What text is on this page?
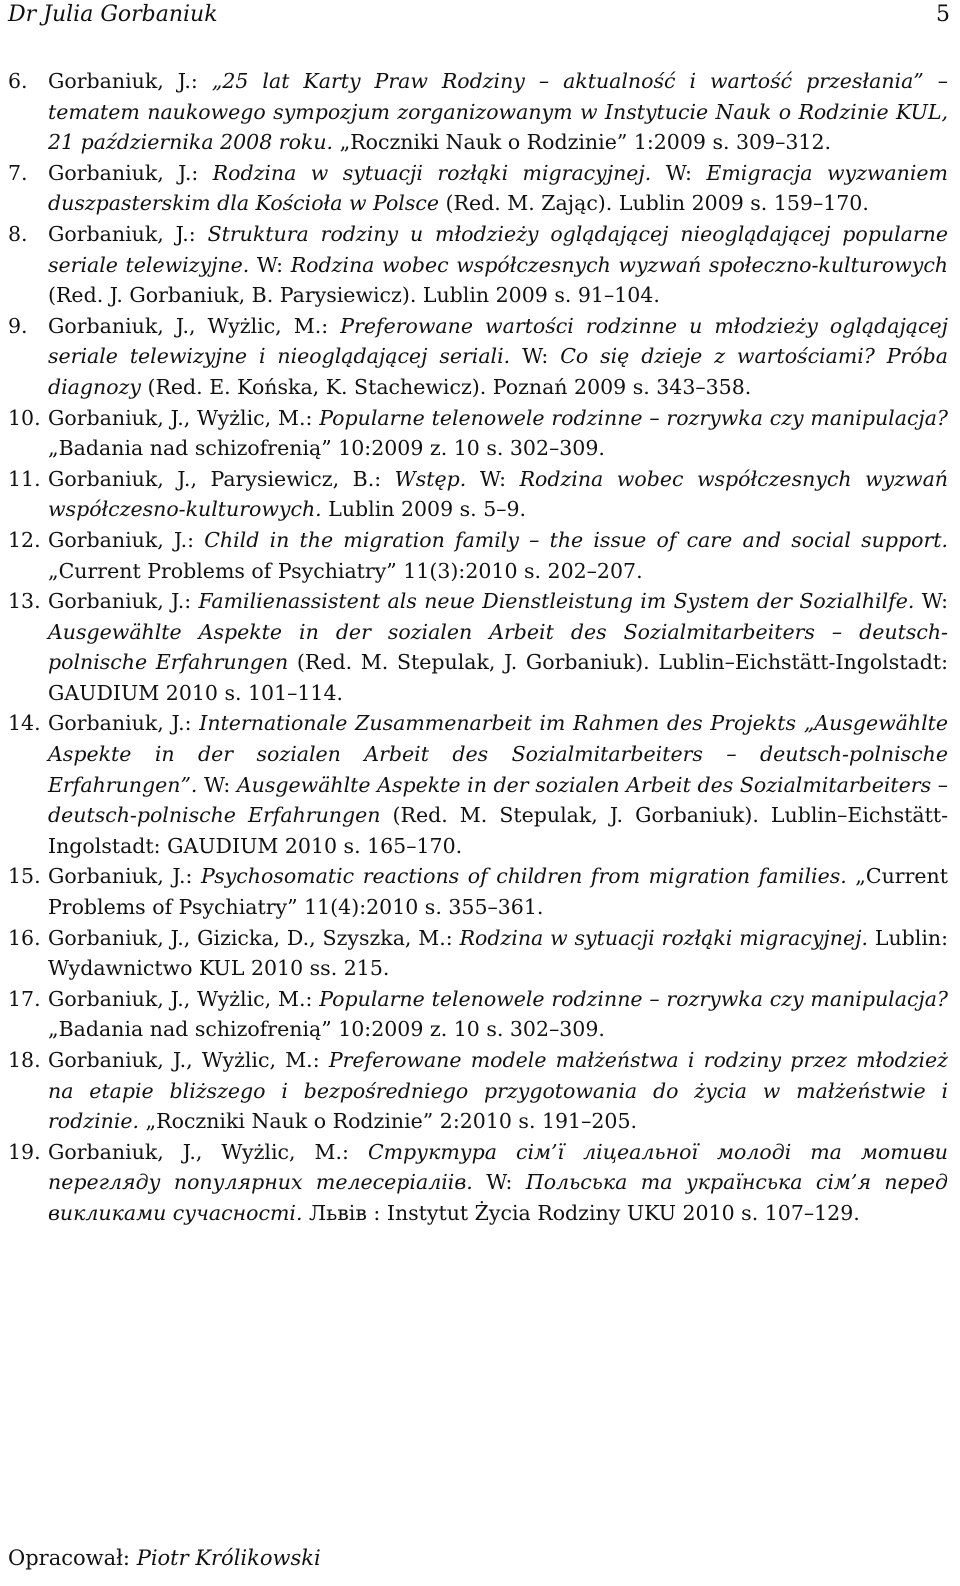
Dr Julia Gorbaniuk	5
6. Gorbaniuk, J.: „25 lat Karty Praw Rodziny – aktualność i wartość przesłania” – tematem naukowego sympozjum zorganizowanym w Instytucie Nauk o Rodzinie KUL, 21 października 2008 roku. „Roczniki Nauk o Rodzinie” 1:2009 s. 309–312.
7. Gorbaniuk, J.: Rodzina w sytuacji rozłąki migracyjnej. W: Emigracja wyzwaniem duszpasterskim dla Kościoła w Polsce (Red. M. Zając). Lublin 2009 s. 159–170.
8. Gorbaniuk, J.: Struktura rodziny u młodzieży oglądającej nieoglądającej popularne seriale telewizyjne. W: Rodzina wobec współczesnych wyzwań społeczno-kulturowych (Red. J. Gorbaniuk, B. Parysiewicz). Lublin 2009 s. 91–104.
9. Gorbaniuk, J., Wyżlic, M.: Preferowane wartości rodzinne u młodzieży oglądającej seriale telewizyjne i nieoglądającej seriali. W: Co się dzieje z wartościami? Próba diagnozy (Red. E. Końska, K. Stachewicz). Poznań 2009 s. 343–358.
10. Gorbaniuk, J., Wyżlic, M.: Popularne telenowele rodzinne – rozrywka czy manipulacja? „Badania nad schizofrenią” 10:2009 z. 10 s. 302–309.
11. Gorbaniuk, J., Parysiewicz, B.: Wstęp. W: Rodzina wobec współczesnych wyzwań współczesno-kulturowych. Lublin 2009 s. 5–9.
12. Gorbaniuk, J.: Child in the migration family – the issue of care and social support. „Current Problems of Psychiatry” 11(3):2010 s. 202–207.
13. Gorbaniuk, J.: Familienassistent als neue Dienstleistung im System der Sozialhilfe. W: Ausgewählte Aspekte in der sozialen Arbeit des Sozialmitarbeiters – deutsch-polnische Erfahrungen (Red. M. Stepulak, J. Gorbaniuk). Lublin–Eichstätt-Ingolstadt: GAUDIUM 2010 s. 101–114.
14. Gorbaniuk, J.: Internationale Zusammenarbeit im Rahmen des Projekts „Ausgewählte Aspekte in der sozialen Arbeit des Sozialmitarbeiters – deutsch-polnische Erfahrungen”. W: Ausgewählte Aspekte in der sozialen Arbeit des Sozialmitarbeiters – deutsch-polnische Erfahrungen (Red. M. Stepulak, J. Gorbaniuk). Lublin–Eichstätt-Ingolstadt: GAUDIUM 2010 s. 165–170.
15. Gorbaniuk, J.: Psychosomatic reactions of children from migration families. „Current Problems of Psychiatry” 11(4):2010 s. 355–361.
16. Gorbaniuk, J., Gizicka, D., Szyszka, M.: Rodzina w sytuacji rozłąki migracyjnej. Lublin: Wydawnictwo KUL 2010 ss. 215.
17. Gorbaniuk, J., Wyżlic, M.: Popularne telenowele rodzinne – rozrywka czy manipulacja? „Badania nad schizofrenią” 10:2009 z. 10 s. 302–309.
18. Gorbaniuk, J., Wyżlic, M.: Preferowane modele małżeństwa i rodziny przez młodzież na etapie bliższego i bezpośredniego przygotowania do życia w małżeństwie i rodzinie. „Roczniki Nauk o Rodzinie” 2:2010 s. 191–205.
19. Gorbaniuk, J., Wyżlic, M.: Структура сім’ї ліцеальної молоді та мотиви перегляду популярних телесеріаліів. W: Польська та українська сім’я перед викликами сучасності. Львів : Instytut Życia Rodziny UKU 2010 s. 107–129.
Opracował: Piotr Królikowski
